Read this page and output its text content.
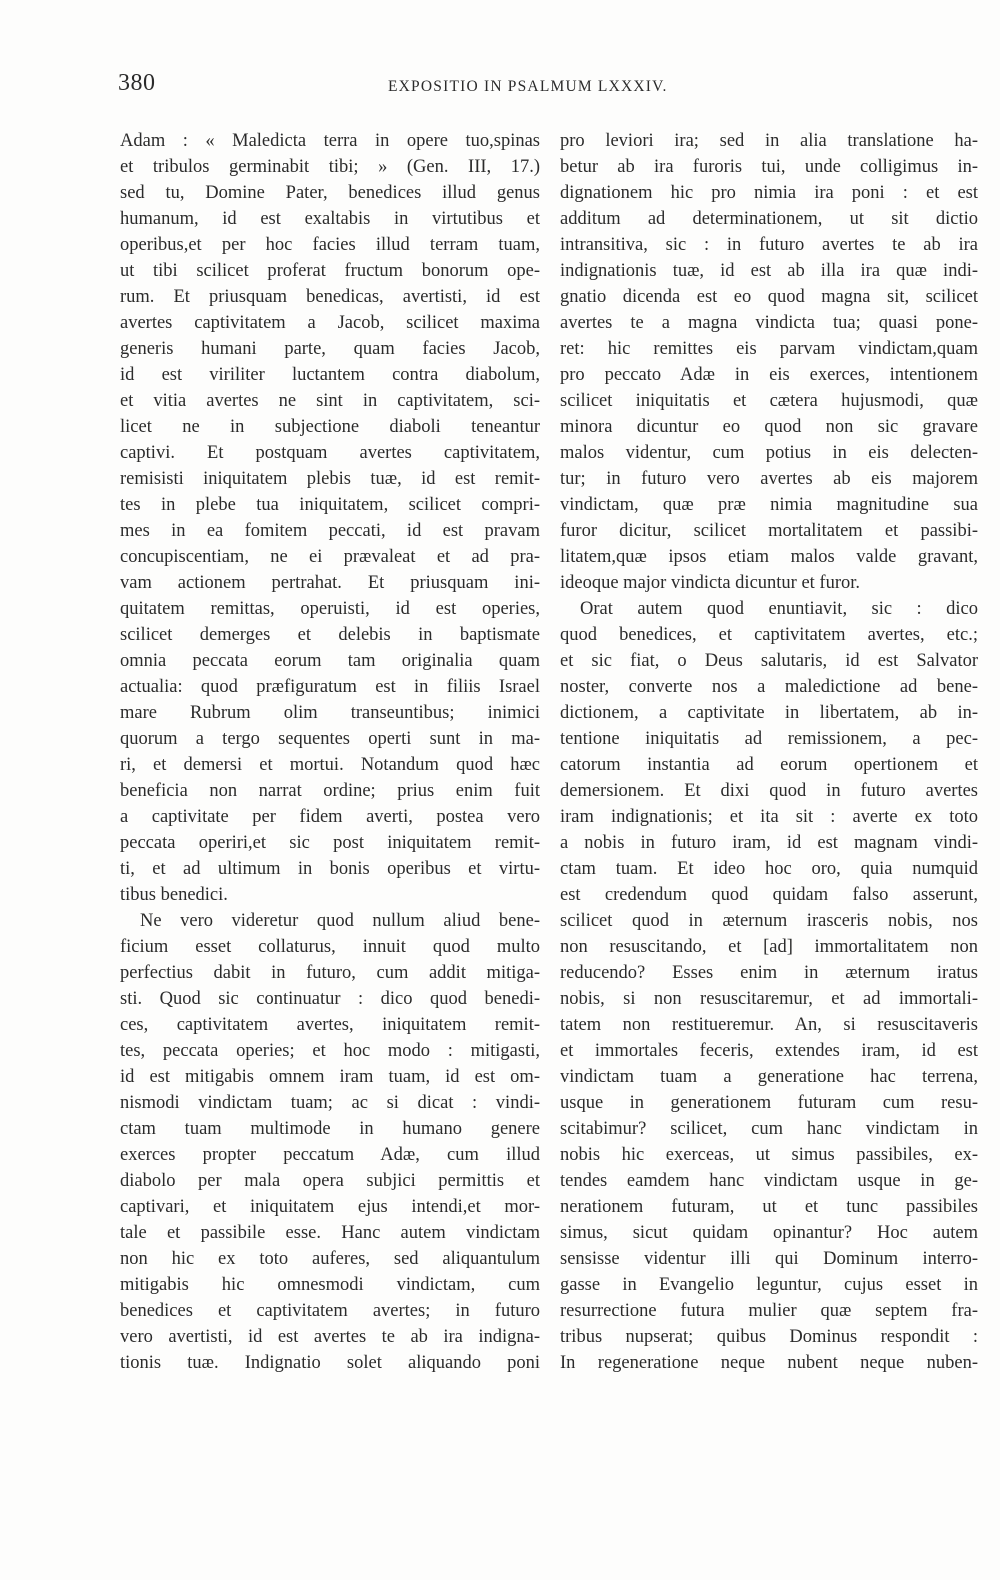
380	EXPOSITIO IN PSALMUM LXXXIV.
Adam : « Maledicta terra in opere tuo,spinas
et tribulos germinabit tibi; » (Gen. III, 17.)
sed tu, Domine Pater, benedices illud genus
humanum, id est exaltabis in virtutibus et
operibus,et per hoc facies illud terram tuam,
ut tibi scilicet proferat fructum bonorum ope-
rum. Et priusquam benedicas, avertisti, id est
avertes captivitatem a Jacob, scilicet maxima
generis humani parte, quam facies Jacob,
id est viriliter luctantem contra diabolum,
et vitia avertes ne sint in captivitatem, sci-
licet ne in subjectione diaboli teneantur
captivi. Et postquam avertes captivitatem,
remisisti iniquitatem plebis tuæ, id est remit-
tes in plebe tua iniquitatem, scilicet compri-
mes in ea fomitem peccati, id est pravam
concupiscentiam, ne ei prævaleat et ad pra-
vam actionem pertrahat. Et priusquam ini-
quitatem remittas, operuisti, id est operies,
scilicet demerges et delebis in baptismate
omnia peccata eorum tam originalia quam
actualia: quod præfiguratum est in filiis Israel
mare Rubrum olim transeuntibus; inimici
quorum a tergo sequentes operti sunt in ma-
ri, et demersi et mortui. Notandum quod hæc
beneficia non narrat ordine; prius enim fuit
a captivitate per fidem averti, postea vero
peccata operiri,et sic post iniquitatem remit-
ti, et ad ultimum in bonis operibus et virtu-
tibus benedici.
Ne vero videretur quod nullum aliud bene-
ficium esset collaturus, innuit quod multo
perfectius dabit in futuro, cum addit mitiga-
sti. Quod sic continuatur : dico quod benedi-
ces, captivitatem avertes, iniquitatem remit-
tes, peccata operies; et hoc modo : mitigasti,
id est mitigabis omnem iram tuam, id est om-
nismodi vindictam tuam; ac si dicat : vindi-
ctam tuam multimode in humano genere
exerces propter peccatum Adæ, cum illud
diabolo per mala opera subjici permittis et
captivari, et iniquitatem ejus intendi,et mor-
tale et passibile esse. Hanc autem vindictam
non hic ex toto auferes, sed aliquantulum
mitigabis hic omnesmodi vindictam, cum
benedices et captivitatem avertes; in futuro
vero avertisti, id est avertes te ab ira indigna-
tionis tuæ. Indignatio solet aliquando poni
pro leviori ira; sed in alia translatione ha-
betur ab ira furoris tui, unde colligimus in-
dignationem hic pro nimia ira poni : et est
additum ad determinationem, ut sit dictio
intransitiva, sic : in futuro avertes te ab ira
indignationis tuæ, id est ab illa ira quæ indi-
gnatio dicenda est eo quod magna sit, scilicet
avertes te a magna vindicta tua; quasi pone-
ret: hic remittes eis parvam vindictam,quam
pro peccato Adæ in eis exerces, intentionem
scilicet iniquitatis et cætera hujusmodi, quæ
minora dicuntur eo quod non sic gravare
malos videntur, cum potius in eis delecten-
tur; in futuro vero avertes ab eis majorem
vindictam, quæ præ nimia magnitudine sua
furor dicitur, scilicet mortalitatem et passibi-
litatem,quæ ipsos etiam malos valde gravant,
ideoque major vindicta dicuntur et furor.
Orat autem quod enuntiavit, sic : dico
quod benedices, et captivitatem avertes, etc.;
et sic fiat, o Deus salutaris, id est Salvator
noster, converte nos a maledictione ad bene-
dictionem, a captivitate in libertatem, ab in-
tentione iniquitatis ad remissionem, a pec-
catorum instantia ad eorum opertionem et
demersionem. Et dixi quod in futuro avertes
iram indignationis; et ita sit : averte ex toto
a nobis in futuro iram, id est magnam vindi-
ctam tuam. Et ideo hoc oro, quia numquid
est credendum quod quidam falso asserunt,
scilicet quod in æternum irasceris nobis, nos
non resuscitando, et [ad] immortalitatem non
reducendo? Esses enim in æternum iratus
nobis, si non resuscitaremur, et ad immortali-
tatem non restitueremur. An, si resuscitaveris
et immortales feceris, extendes iram, id est
vindictam tuam a generatione hac terrena,
usque in generationem futuram cum resu-
scitabimur? scilicet, cum hanc vindictam in
nobis hic exerceas, ut simus passibiles, ex-
tendes eamdem hanc vindictam usque in ge-
nerationem futuram, ut et tunc passibiles
simus, sicut quidam opinantur? Hoc autem
sensisse videntur illi qui Dominum interro-
gasse in Evangelio leguntur, cujus esset in
resurrectione futura mulier quæ septem fra-
tribus nupserat; quibus Dominus respondit :
In regeneratione neque nubent neque nuben-
